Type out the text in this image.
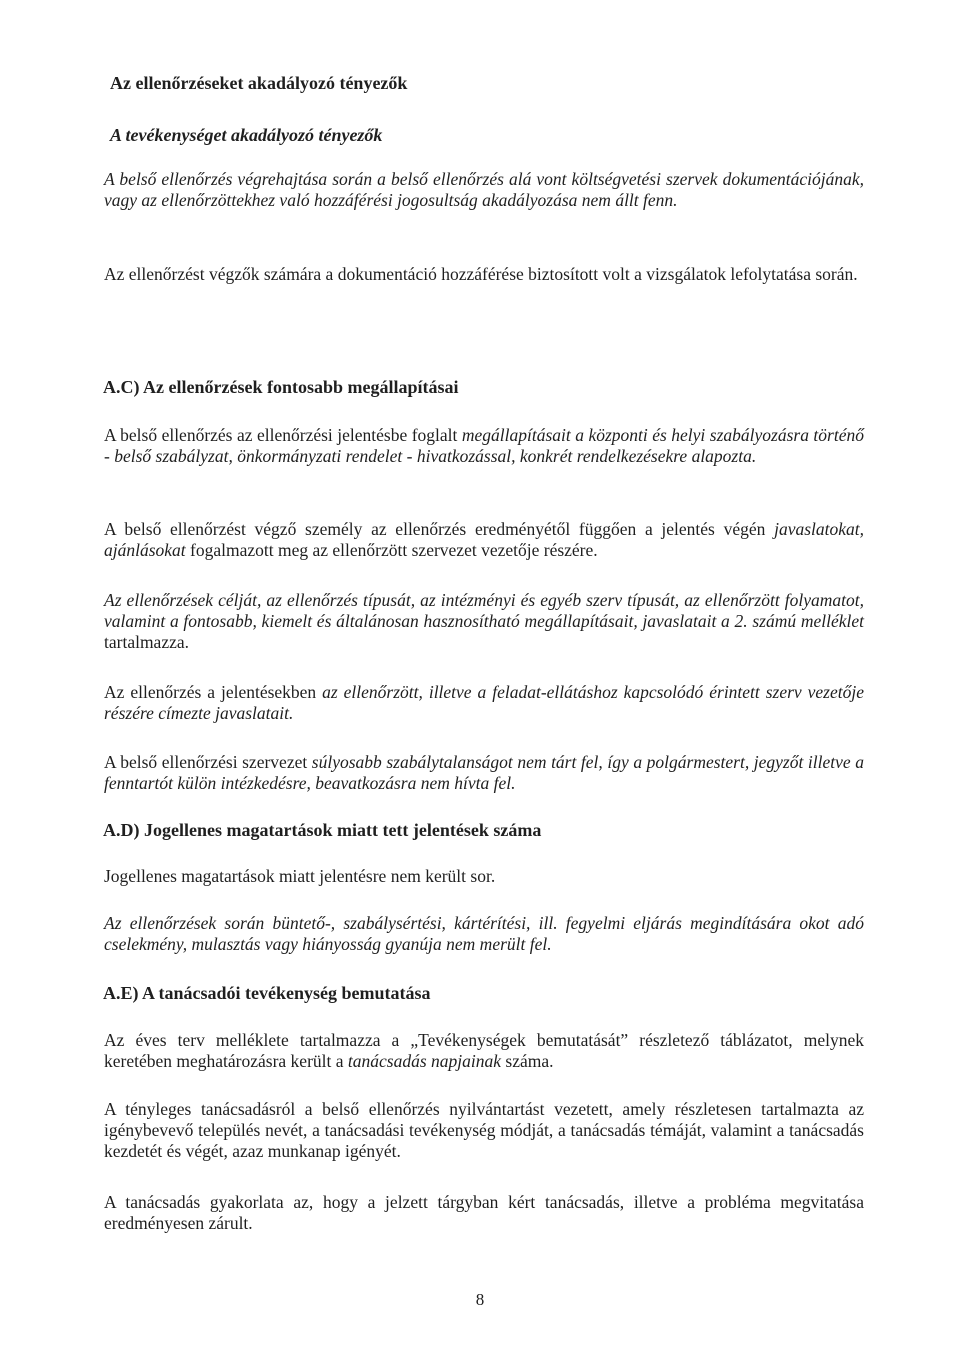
Az ellenőrzéseket akadályozó tényezők

A tevékenységet akadályozó tényezők

A belső ellenőrzés végrehajtása során a belső ellenőrzés alá vont költségvetési szervek dokumentációjának, vagy az ellenőrzöttekhez való hozzáférési jogosultság akadályozása nem állt fenn.

Az ellenőrzést végzők számára a dokumentáció hozzáférése biztosított volt a vizsgálatok lefolytatása során.

A.C) Az ellenőrzések fontosabb megállapításai

A belső ellenőrzés az ellenőrzési jelentésbe foglalt megállapításait a központi és helyi szabályozásra történő - belső szabályzat, önkormányzati rendelet - hivatkozással, konkrét rendelkezésekre alapozta.

A belső ellenőrzést végző személy az ellenőrzés eredményétől függően a jelentés végén javaslatokat, ajánlásokat fogalmazott meg az ellenőrzött szervezet vezetője részére.

Az ellenőrzések célját, az ellenőrzés típusát, az intézményi és egyéb szerv típusát, az ellenőrzött folyamatot, valamint a fontosabb, kiemelt és általánosan hasznosítható megállapításait, javaslatait a 2. számú melléklet tartalmazza.

Az ellenőrzés a jelentésekben az ellenőrzött, illetve a feladat-ellátáshoz kapcsolódó érintett szerv vezetője részére címezte javaslatait.

A belső ellenőrzési szervezet súlyosabb szabálytalanságot nem tárt fel, így a polgármestert, jegyzőt illetve a fenntartót külön intézkedésre, beavatkozásra nem hívta fel.

A.D) Jogellenes magatartások miatt tett jelentések száma

Jogellenes magatartások miatt jelentésre nem került sor.

Az ellenőrzések során büntető-, szabálysértési, kártérítési, ill. fegyelmi eljárás megindítására okot adó cselekmény, mulasztás vagy hiányosság gyanúja nem merült fel.

A.E) A tanácsadói tevékenység bemutatása

Az éves terv melléklete tartalmazza a „Tevékenységek bemutatását” részletező táblázatot, melynek keretében meghatározásra került a tanácsadás napjainak száma.

A tényleges tanácsadásról a belső ellenőrzés nyilvántartást vezetett, amely részletesen tartalmazta az igénybevevő település nevét, a tanácsadási tevékenység módját, a tanácsadás témáját, valamint a tanácsadás kezdetét és végét, azaz munkanap igényét.

A tanácsadás gyakorlata az, hogy a jelzett tárgyban kért tanácsadás, illetve a probléma megvitatása eredményesen zárult.

8
